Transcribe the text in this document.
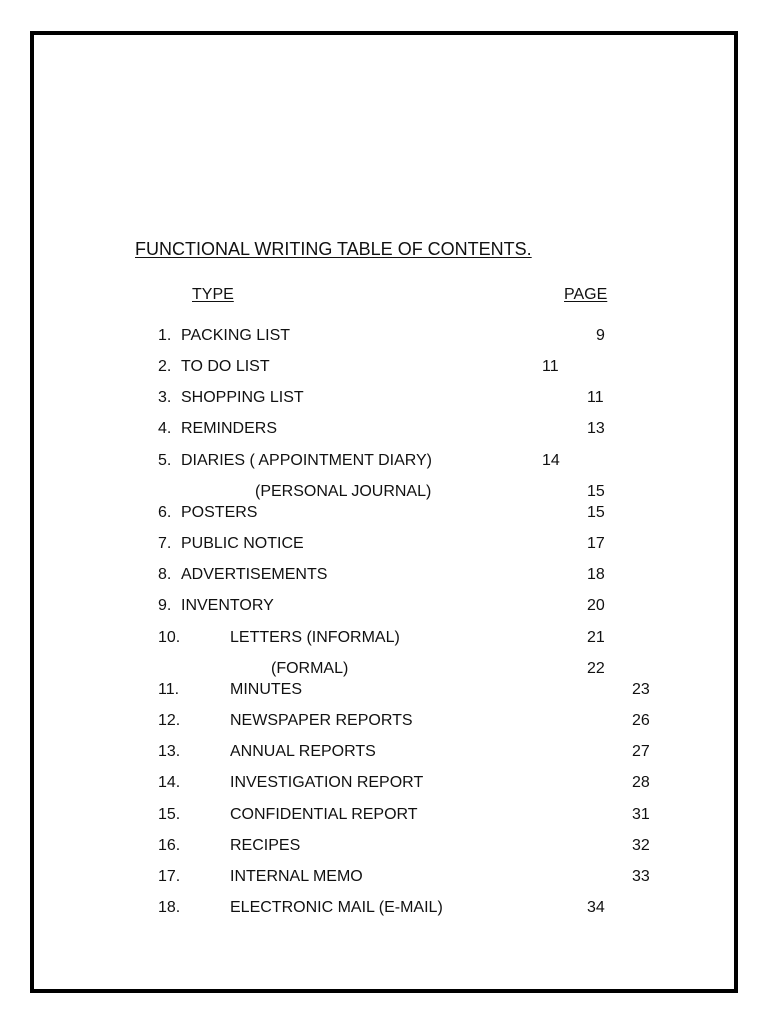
FUNCTIONAL WRITING TABLE OF CONTENTS.
TYPE	PAGE
1. PACKING LIST	9
2. TO DO LIST	11
3. SHOPPING LIST	11
4. REMINDERS	13
5. DIARIES ( APPOINTMENT DIARY)	14
(PERSONAL JOURNAL)	15
6. POSTERS	15
7. PUBLIC NOTICE	17
8. ADVERTISEMENTS	18
9. INVENTORY	20
10.	LETTERS (INFORMAL)	21
(FORMAL)	22
11.	MINUTES	23
12.	NEWSPAPER REPORTS	26
13.	ANNUAL REPORTS	27
14.	INVESTIGATION REPORT	28
15.	CONFIDENTIAL REPORT	31
16.	RECIPES	32
17.	INTERNAL MEMO	33
18.	ELECTRONIC MAIL (E-MAIL)	34
